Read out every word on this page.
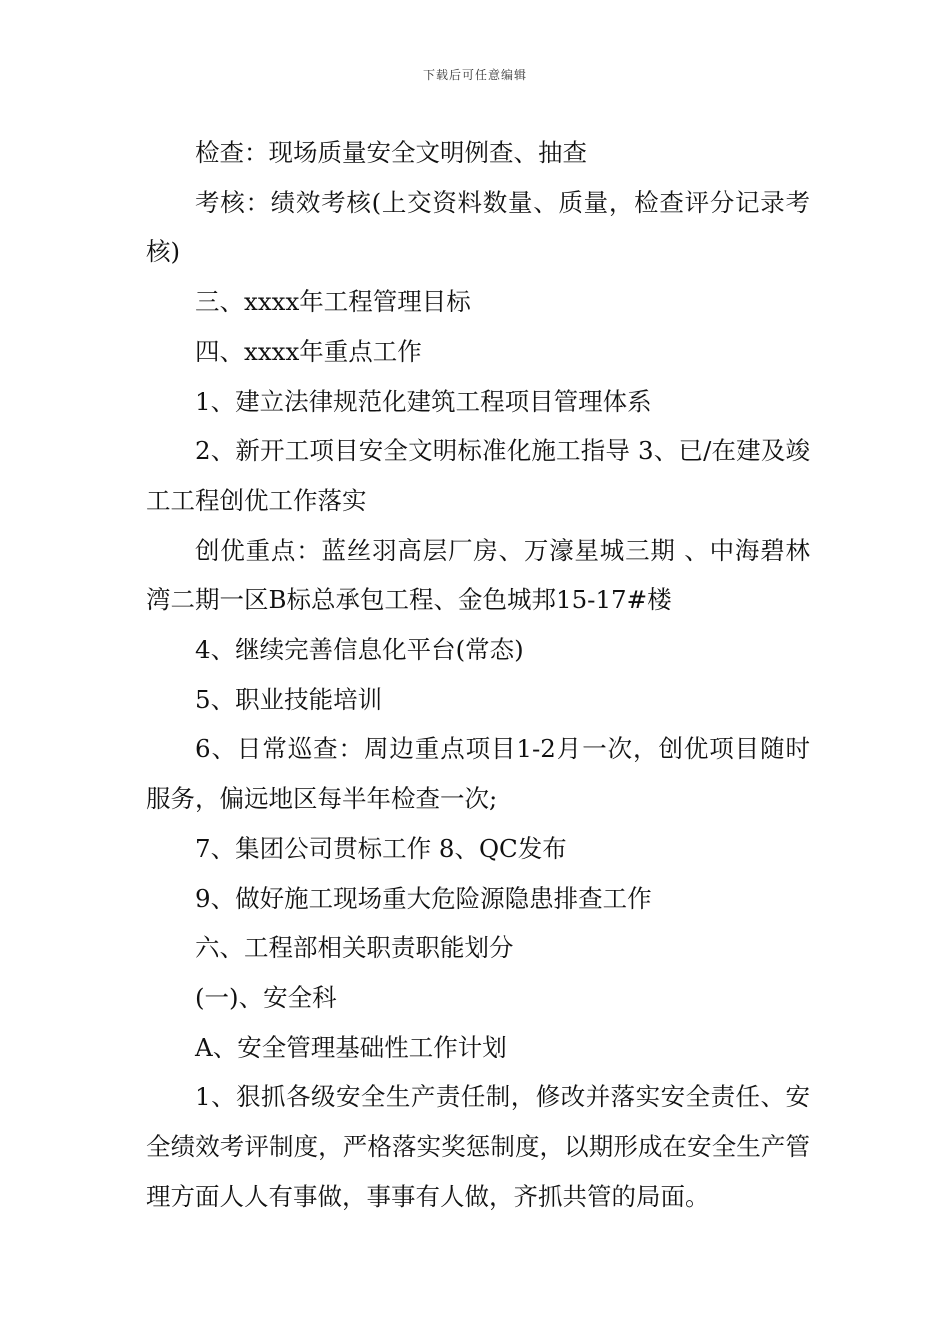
下载后可任意编辑

检查：现场质量安全文明例查、抽查

考核：绩效考核(上交资料数量、质量，检查评分记录考核)

三、xxxx年工程管理目标

四、xxxx年重点工作

1、建立法律规范化建筑工程项目管理体系

2、新开工项目安全文明标准化施工指导 3、已/在建及竣工工程创优工作落实

创优重点：蓝丝羽高层厂房、万濠星城三期 、中海碧林湾二期一区B标总承包工程、金色城邦15-17#楼

4、继续完善信息化平台(常态)

5、职业技能培训

6、日常巡查：周边重点项目1-2月一次，创优项目随时服务，偏远地区每半年检查一次;

7、集团公司贯标工作 8、QC发布

9、做好施工现场重大危险源隐患排查工作

六、工程部相关职责职能划分

(一)、安全科

A、安全管理基础性工作计划

1、狠抓各级安全生产责任制，修改并落实安全责任、安全绩效考评制度，严格落实奖惩制度，以期形成在安全生产管理方面人人有事做，事事有人做，齐抓共管的局面。
